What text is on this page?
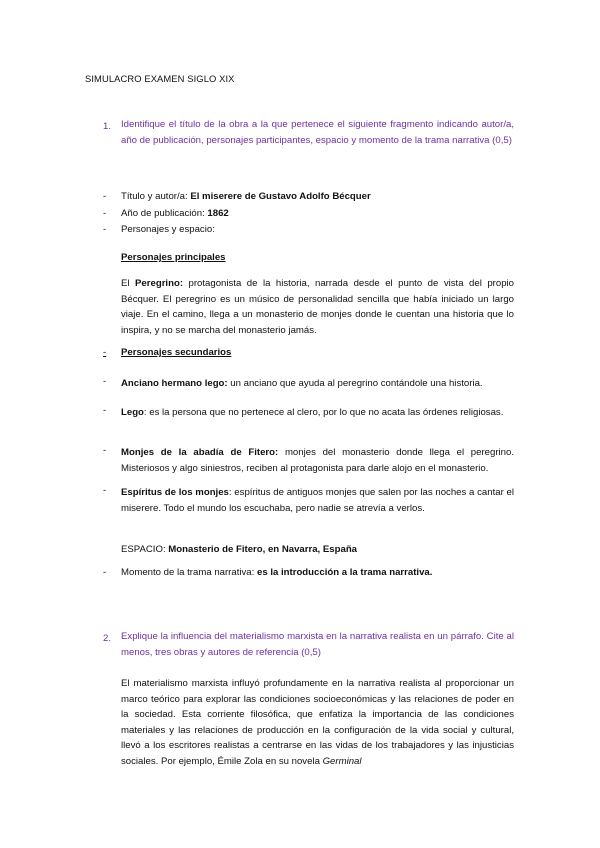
SIMULACRO EXAMEN SIGLO XIX
1. Identifique el título de la obra a la que pertenece el siguiente fragmento indicando autor/a, año de publicación, personajes participantes, espacio y momento de la trama narrativa (0,5)
- Título y autor/a: El miserere de Gustavo Adolfo Bécquer
- Año de publicación: 1862
- Personajes y espacio:
Personajes principales
El Peregrino: protagonista de la historia, narrada desde el punto de vista del propio Bécquer. El peregrino es un músico de personalidad sencilla que había iniciado un largo viaje. En el camino, llega a un monasterio de monjes donde le cuentan una historia que lo inspira, y no se marcha del monasterio jamás.
- Personajes secundarios
- Anciano hermano lego: un anciano que ayuda al peregrino contándole una historia.
- Lego: es la persona que no pertenece al clero, por lo que no acata las órdenes religiosas.
- Monjes de la abadía de Fitero: monjes del monasterio donde llega el peregrino. Misteriosos y algo siniestros, reciben al protagonista para darle alojo en el monasterio.
- Espíritus de los monjes: espíritus de antiguos monjes que salen por las noches a cantar el miserere. Todo el mundo los escuchaba, pero nadie se atrevía a verlos.
ESPACIO: Monasterio de Fitero, en Navarra, España
- Momento de la trama narrativa: es la introducción a la trama narrativa.
2. Explique la influencia del materialismo marxista en la narrativa realista en un párrafo. Cite al menos, tres obras y autores de referencia (0,5)
El materialismo marxista influyó profundamente en la narrativa realista al proporcionar un marco teórico para explorar las condiciones socioeconómicas y las relaciones de poder en la sociedad. Esta corriente filosófica, que enfatiza la importancia de las condiciones materiales y las relaciones de producción en la configuración de la vida social y cultural, llevó a los escritores realistas a centrarse en las vidas de los trabajadores y las injusticias sociales. Por ejemplo, Émile Zola en su novela Germinal
